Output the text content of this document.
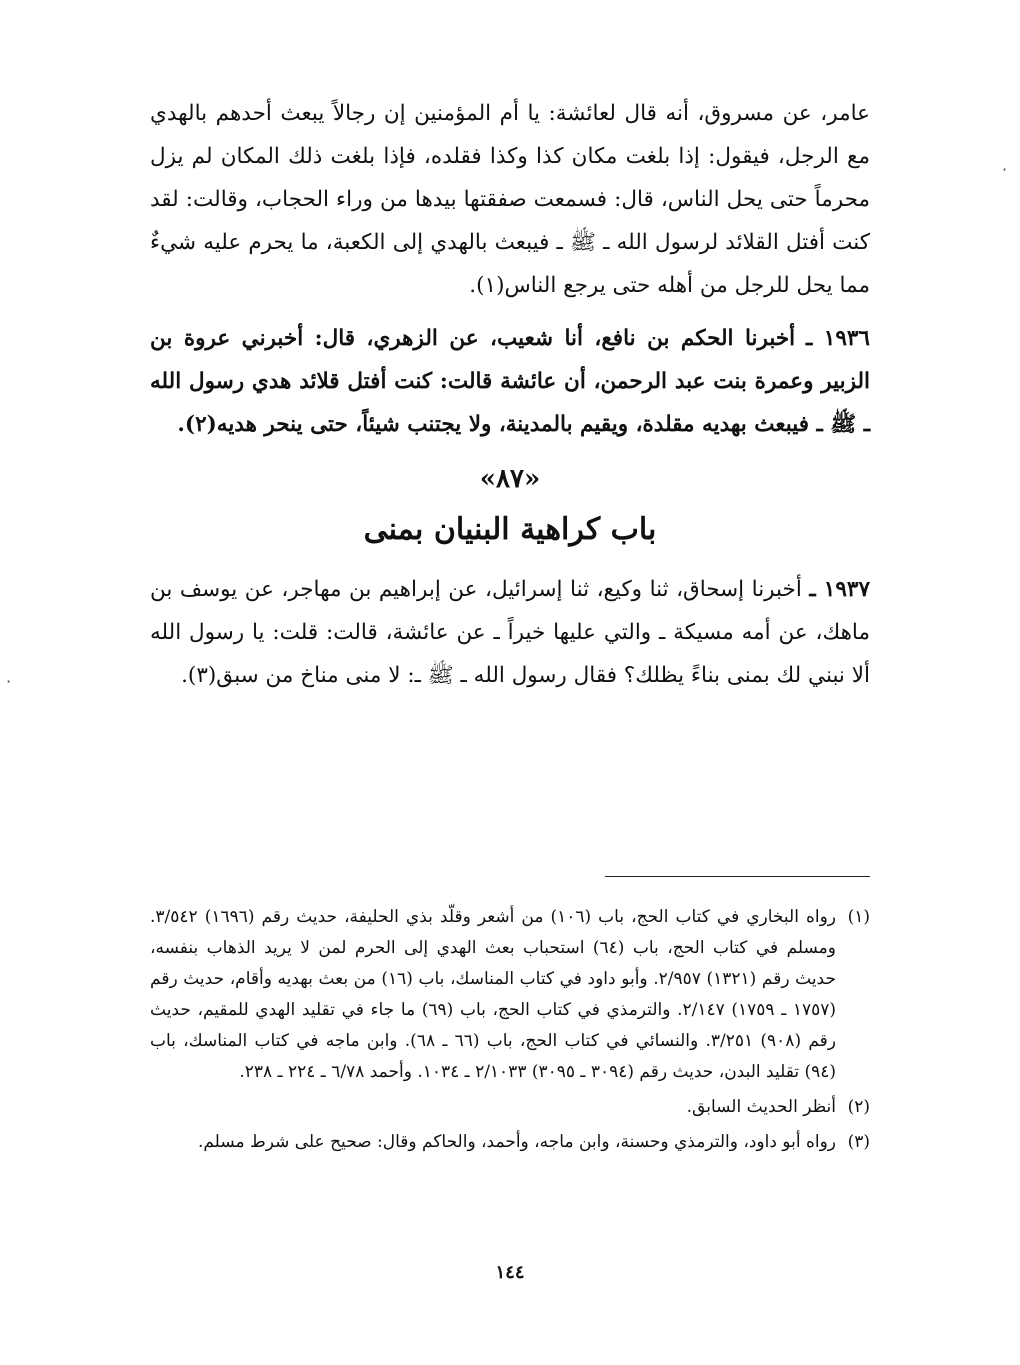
عامر، عن مسروق، أنه قال لعائشة: يا أم المؤمنين إن رجالاً يبعث أحدهم بالهدي مع الرجل، فيقول: إذا بلغت مكان كذا وكذا فقلده، فإذا بلغت ذلك المكان لم يزل محرماً حتى يحل الناس، قال: فسمعت صفقتها بيدها من وراء الحجاب، وقالت: لقد كنت أفتل القلائد لرسول الله ـ ﷺ ـ فيبعث بالهدي إلى الكعبة، ما يحرم عليه شيءٌ مما يحل للرجل من أهله حتى يرجع الناس(١).

١٩٣٦ ـ أخبرنا الحكم بن نافع، أنا شعيب، عن الزهري، قال: أخبرني عروة بن الزبير وعمرة بنت عبد الرحمن، أن عائشة قالت: كنت أفتل قلائد هدي رسول الله ـ ﷺ ـ فيبعث بهديه مقلدة، ويقيم بالمدينة، ولا يجتنب شيئاً، حتى ينحر هديه(٢).

«٨٧»
باب كراهية البنيان بمنى

١٩٣٧ ـ أخبرنا إسحاق، ثنا وكيع، ثنا إسرائيل، عن إبراهيم بن مهاجر، عن يوسف بن ماهك، عن أمه مسيكة ـ والتي عليها خيراً ـ عن عائشة، قالت: قلت: يا رسول الله ألا نبني لك بمنى بناءً يظلك؟ فقال رسول الله ـ ﷺ ـ: لا منى مناخ من سبق(٣).

(١)
رواه البخاري في كتاب الحج، باب (١٠٦) من أشعر وقلّد بذي الحليفة، حديث رقم (١٦٩٦) ٣/٥٤٢. ومسلم في كتاب الحج، باب (٦٤) استحباب بعث الهدي إلى الحرم لمن لا يريد الذهاب بنفسه، حديث رقم (١٣٢١) ٢/٩٥٧. وأبو داود في كتاب المناسك، باب (١٦) من بعث بهديه وأقام، حديث رقم (١٧٥٧ ـ ١٧٥٩) ٢/١٤٧. والترمذي في كتاب الحج، باب (٦٩) ما جاء في تقليد الهدي للمقيم، حديث رقم (٩٠٨) ٣/٢٥١. والنسائي في كتاب الحج، باب (٦٦ ـ ٦٨). وابن ماجه في كتاب المناسك، باب (٩٤) تقليد البدن، حديث رقم (٣٠٩٤ ـ ٣٠٩٥) ٢/١٠٣٣ ـ ١٠٣٤. وأحمد ٦/٧٨ ـ ٢٢٤ ـ ٢٣٨.

(٢)
أنظر الحديث السابق.

(٣)
رواه أبو داود، والترمذي وحسنة، وابن ماجه، وأحمد، والحاكم وقال: صحيح على شرط مسلم.

١٤٤
·
·
